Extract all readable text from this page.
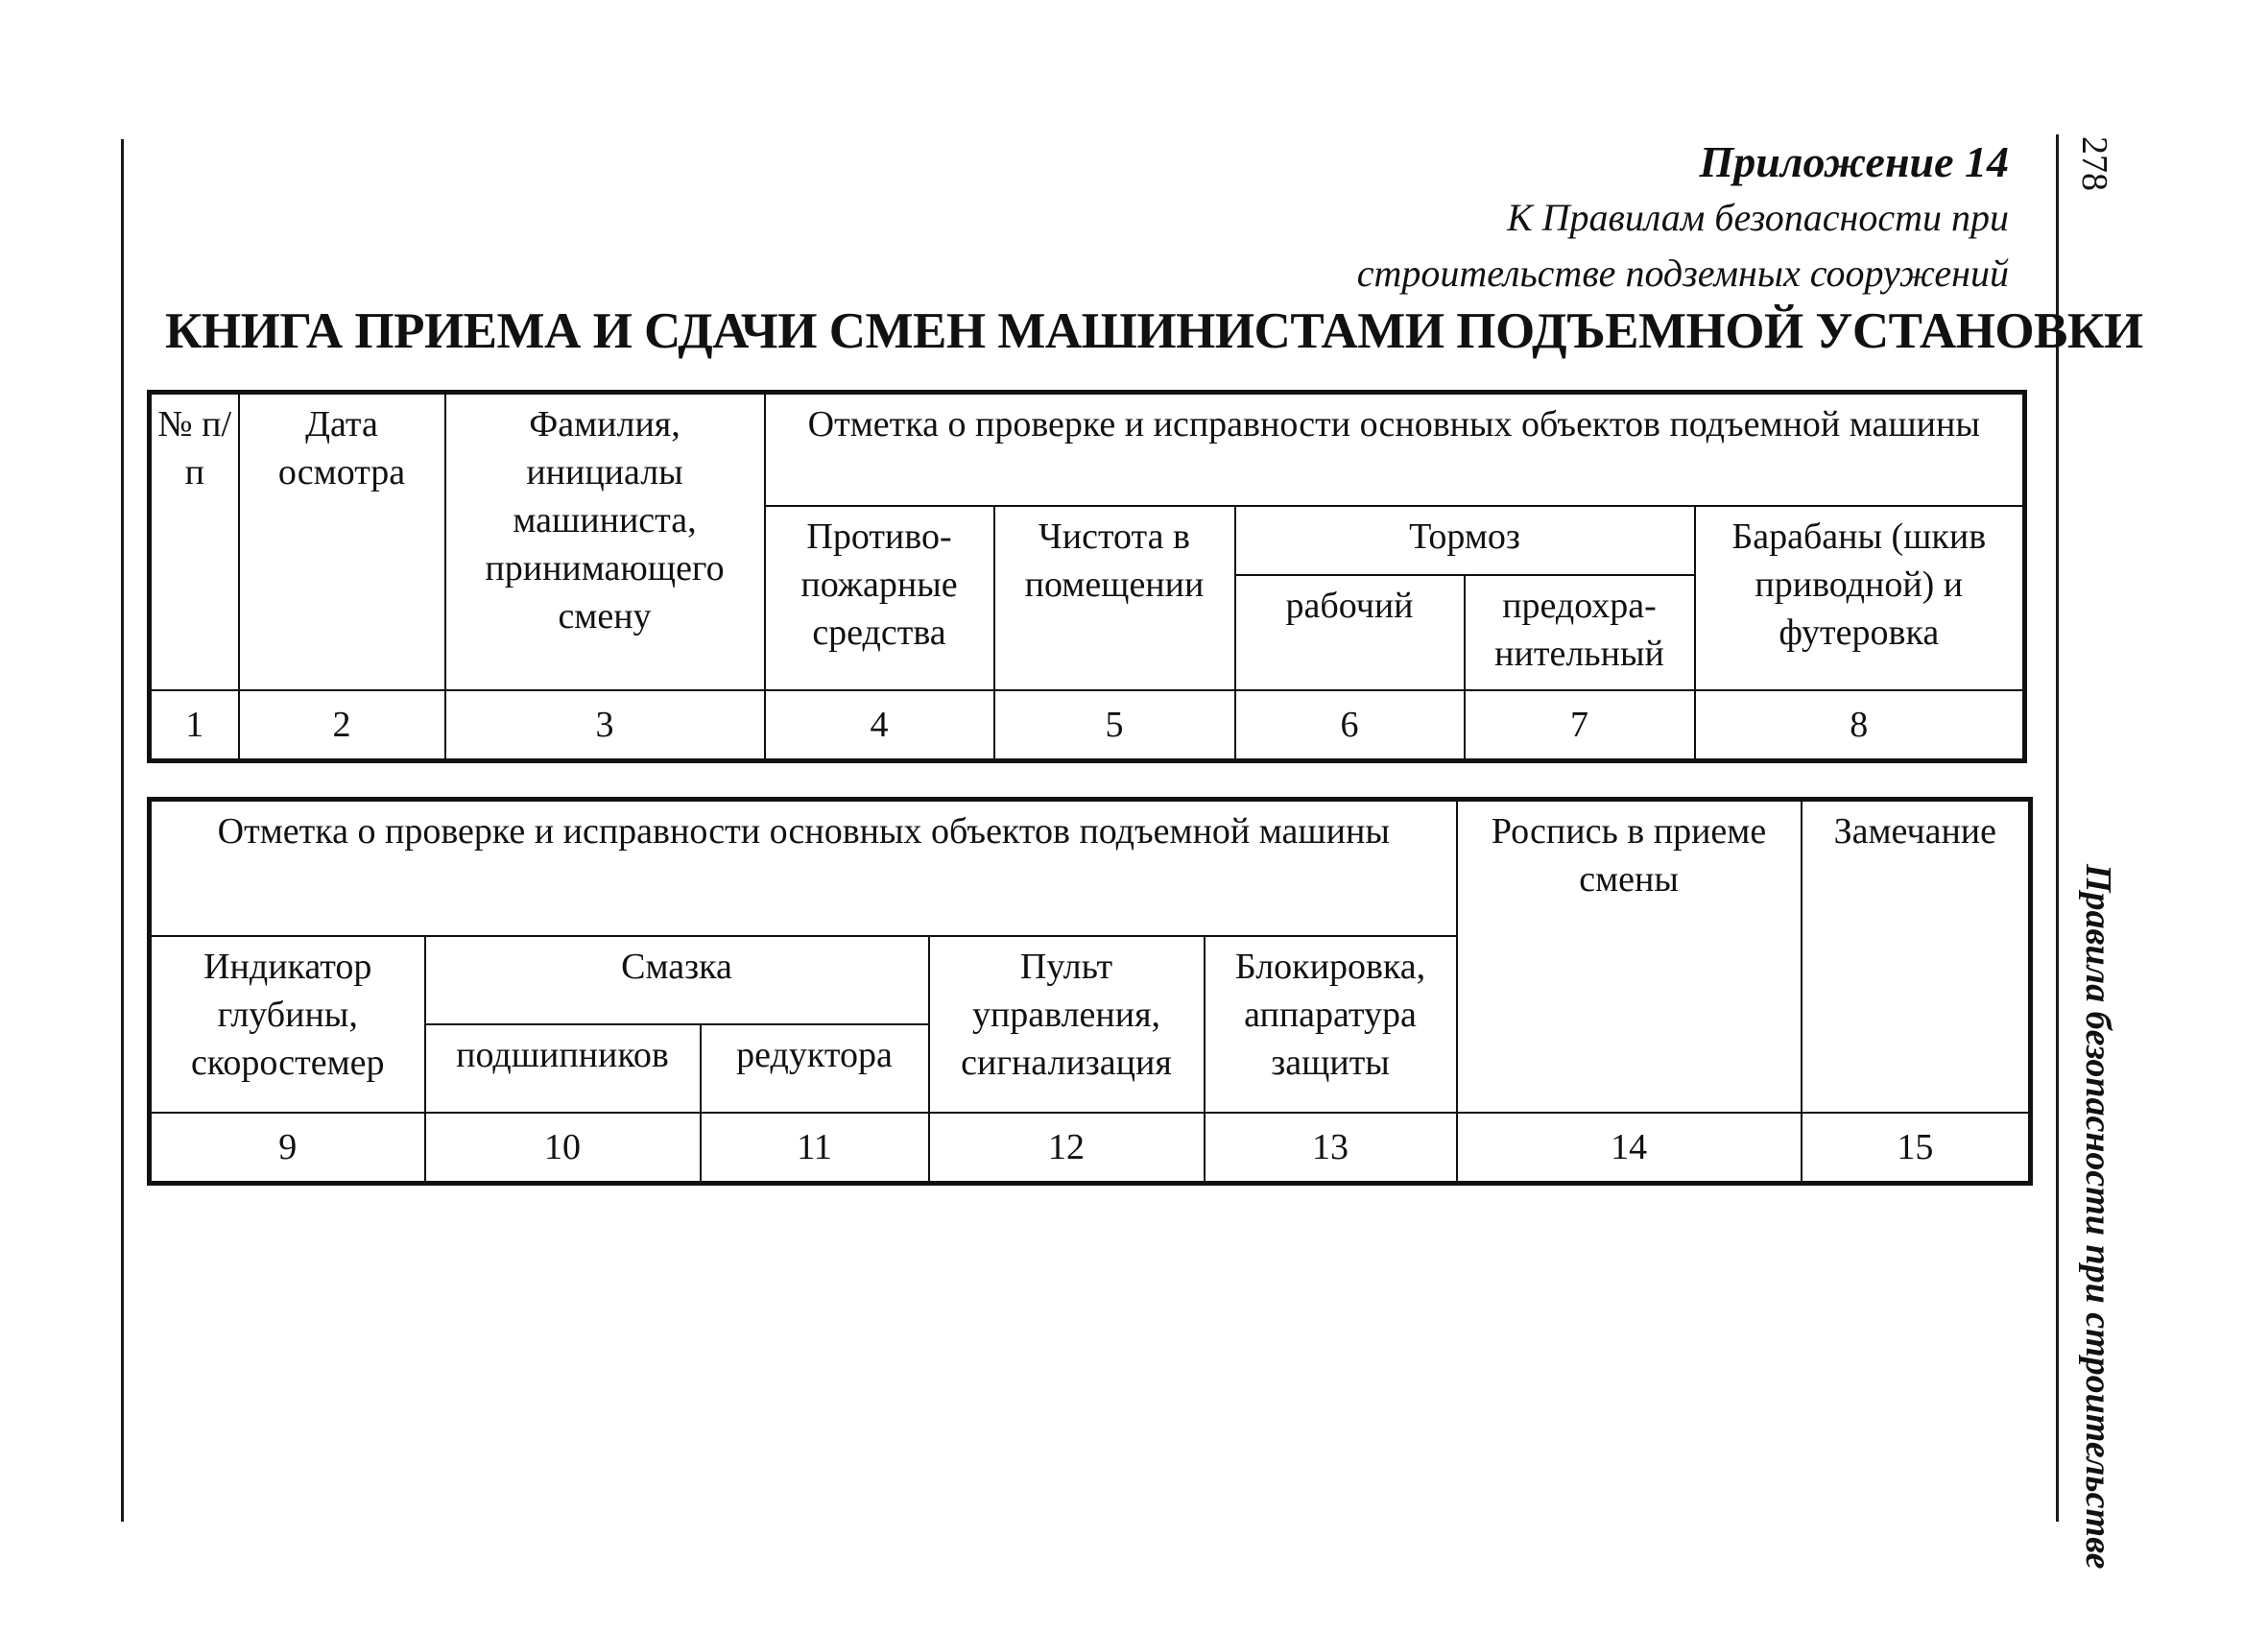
278
Правила безопасности при строительстве
Приложение 14
К Правилам безопасности при
строительстве подземных сооружений
КНИГА ПРИЕМА И СДАЧИ СМЕН МАШИНИСТАМИ ПОДЪЕМНОЙ УСТАНОВКИ
№ п/п	Дата осмотра	Фамилия, инициалы машиниста, принимающего смену	Отметка о проверке и исправности основных объектов подъемной машины				
			Противо-пожарные средства	Чистота в помещении	Тормоз		Барабаны (шкив приводной) и футеровка
					рабочий	предохра-нительный	
1	2	3	4	5	6	7	8
Отметка о проверке и исправности основных объектов подъемной машины					Роспись в приеме смены	Замечание
Индикатор глубины, скоростемер	Смазка		Пульт управления, сигнализация	Блокировка, аппаратура защиты		
	подшипников	редуктора				
9	10	11	12	13	14	15
